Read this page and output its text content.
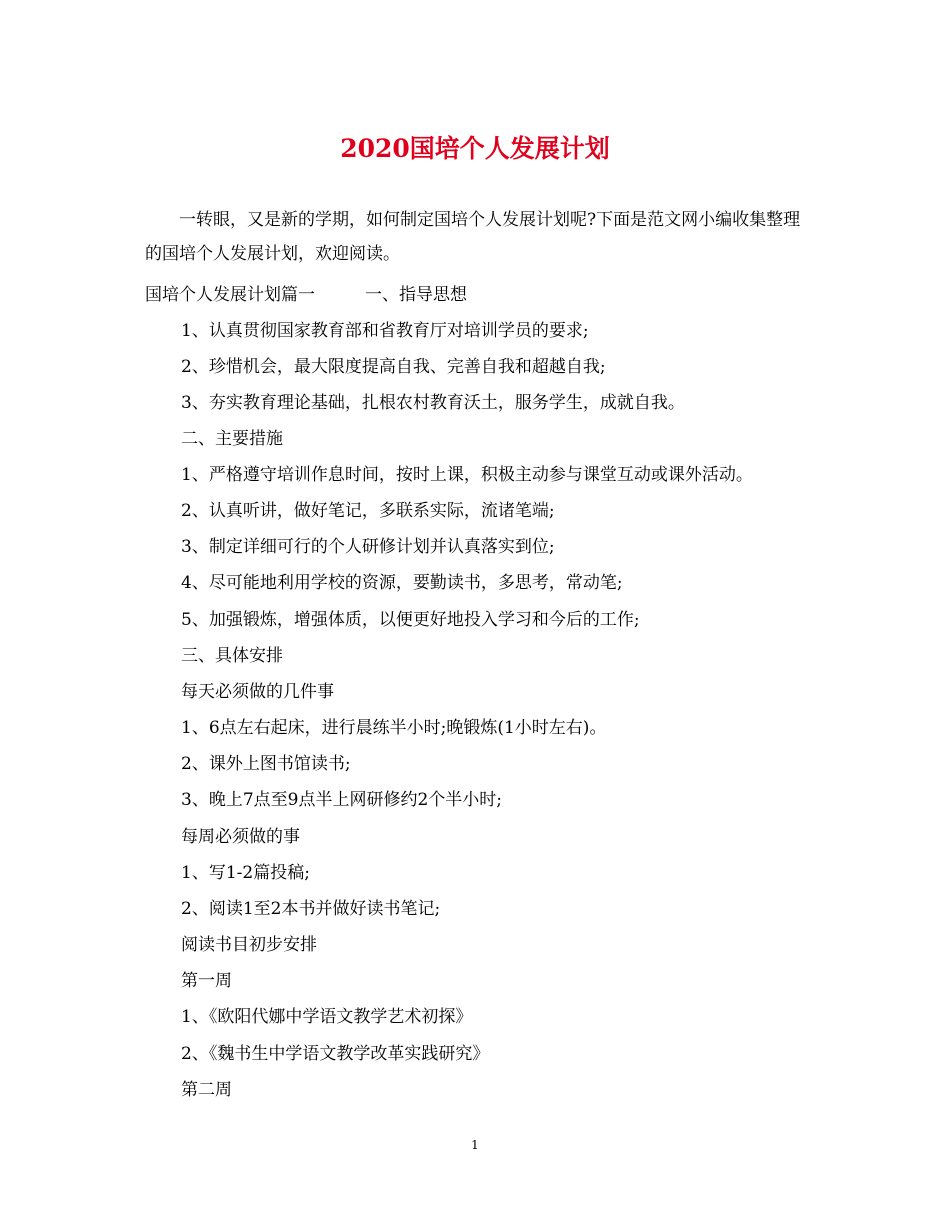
2020国培个人发展计划

一转眼，又是新的学期，如何制定国培个人发展计划呢?下面是范文网小编收集整理的国培个人发展计划，欢迎阅读。

国培个人发展计划篇一	一、指导思想

1、认真贯彻国家教育部和省教育厅对培训学员的要求;

2、珍惜机会，最大限度提高自我、完善自我和超越自我;

3、夯实教育理论基础，扎根农村教育沃土，服务学生，成就自我。

二、主要措施

1、严格遵守培训作息时间，按时上课，积极主动参与课堂互动或课外活动。

2、认真听讲，做好笔记，多联系实际，流诸笔端;

3、制定详细可行的个人研修计划并认真落实到位;

4、尽可能地利用学校的资源，要勤读书，多思考，常动笔;

5、加强锻炼，增强体质，以便更好地投入学习和今后的工作;

三、具体安排

每天必须做的几件事

1、6点左右起床，进行晨练半小时;晚锻炼(1小时左右)。

2、课外上图书馆读书;

3、晚上7点至9点半上网研修约2个半小时;

每周必须做的事

1、写1-2篇投稿;

2、阅读1至2本书并做好读书笔记;

阅读书目初步安排

第一周

1、《欧阳代娜中学语文教学艺术初探》

2、《魏书生中学语文教学改革实践研究》

第二周

1
